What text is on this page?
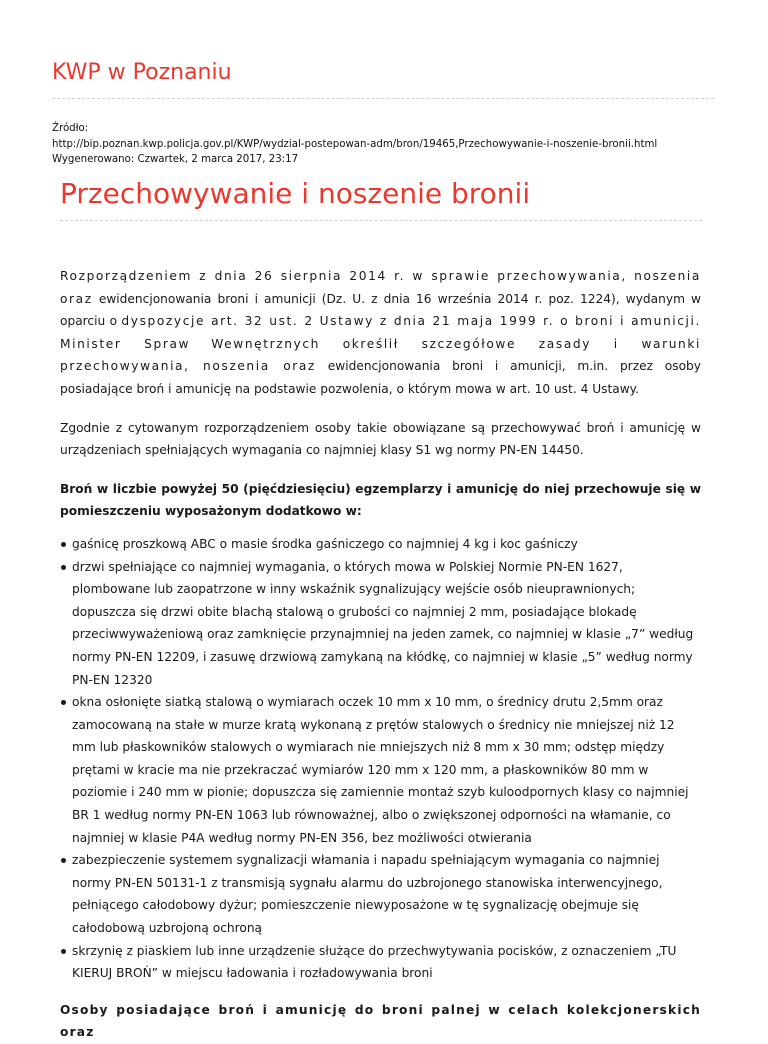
KWP w Poznaniu
Źródło:
http://bip.poznan.kwp.policja.gov.pl/KWP/wydzial-postepowan-adm/bron/19465,Przechowywanie-i-noszenie-bronii.html
Wygenerowano: Czwartek, 2 marca 2017, 23:17
Przechowywanie i noszenie bronii

Rozporządzeniem z dnia 26 sierpnia 2014 r. w sprawie przechowywania, noszenia oraz ewidencjonowania broni i amunicji (Dz. U. z dnia 16 września 2014 r. poz. 1224), wydanym w oparciu o dyspozycje art. 32 ust. 2 Ustawy z dnia 21 maja 1999 r. o broni i amunicji. Minister Spraw Wewnętrznych określił szczegółowe zasady i warunki przechowywania, noszenia oraz ewidencjonowania broni i amunicji, m.in. przez osoby posiadające broń i amunicję na podstawie pozwolenia, o którym mowa w art. 10 ust. 4 Ustawy.

Zgodnie z cytowanym rozporządzeniem osoby takie obowiązane są przechowywać broń i amunicję w urządzeniach spełniających wymagania co najmniej klasy S1 wg normy PN-EN 14450.

Broń w liczbie powyżej 50 (pięćdziesięciu) egzemplarzy i amunicję do niej przechowuje się w pomieszczeniu wyposażonym dodatkowo w:

gaśnicę proszkową ABC o masie środka gaśniczego co najmniej 4 kg i koc gaśniczy
drzwi spełniające co najmniej wymagania, o których mowa w Polskiej Normie PN-EN 1627, plombowane lub zaopatrzone w inny wskaźnik sygnalizujący wejście osób nieuprawnionych; dopuszcza się drzwi obite blachą stalową o grubości co najmniej 2 mm, posiadające blokadę przeciwwyważeniową oraz zamknięcie przynajmniej na jeden zamek, co najmniej w klasie „7” według normy PN-EN 12209, i zasuwę drzwiową zamykaną na kłódkę, co najmniej w klasie „5” według normy PN-EN 12320
okna osłonięte siatką stalową o wymiarach oczek 10 mm x 10 mm, o średnicy drutu 2,5mm oraz zamocowaną na stałe w murze kratą wykonaną z prętów stalowych o średnicy nie mniejszej niż 12 mm lub płaskowników stalowych o wymiarach nie mniejszych niż 8 mm x 30 mm; odstęp między prętami w kracie ma nie przekraczać wymiarów 120 mm x 120 mm, a płaskowników 80 mm w poziomie i 240 mm w pionie; dopuszcza się zamiennie montaż szyb kuloodpornych klasy co najmniej BR 1 według normy PN-EN 1063 lub równoważnej, albo o zwiększonej odporności na włamanie, co najmniej w klasie P4A według normy PN-EN 356, bez możliwości otwierania
zabezpieczenie systemem sygnalizacji włamania i napadu spełniającym wymagania co najmniej normy PN-EN 50131-1 z transmisją sygnału alarmu do uzbrojonego stanowiska interwencyjnego, pełniącego całodobowy dyżur; pomieszczenie niewyposażone w tę sygnalizację obejmuje się całodobową uzbrojoną ochroną
skrzynię z piaskiem lub inne urządzenie służące do przechwytywania pocisków, z oznaczeniem „TU KIERUJ BROŃ” w miejscu ładowania i rozładowywania broni

Osoby posiadające broń i amunicję do broni palnej w celach kolekcjonerskich oraz
